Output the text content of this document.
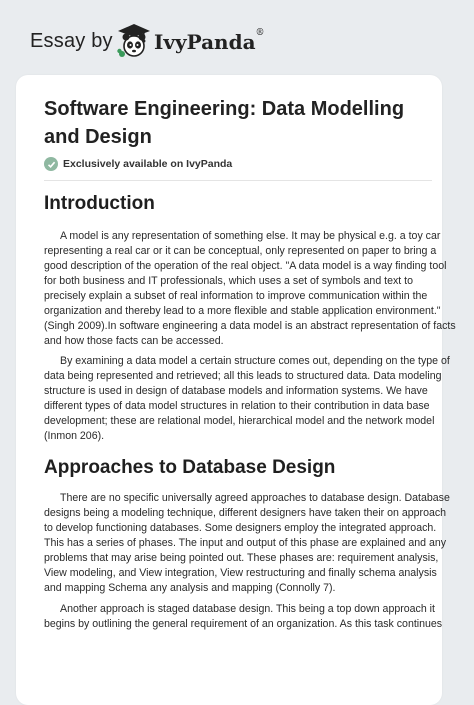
Essay by IvyPanda®
Software Engineering: Data Modelling
and Design
Exclusively available on IvyPanda
Introduction

A model is any representation of something else. It may be physical e.g. a toy car
representing a real car or it can be conceptual, only represented on paper to bring a
good description of the operation of the real object. "A data model is a way finding tool
for both business and IT professionals, which uses a set of symbols and text to
precisely explain a subset of real information to improve communication within the
organization and thereby lead to a more flexible and stable application environment."
(Singh 2009).In software engineering a data model is an abstract representation of facts
and how those facts can be accessed.

By examining a data model a certain structure comes out, depending on the type of
data being represented and retrieved; all this leads to structured data. Data modeling
structure is used in design of database models and information systems. We have
different types of data model structures in relation to their contribution in data base
development; these are relational model, hierarchical model and the network model
(Inmon 206).

Approaches to Database Design

There are no specific universally agreed approaches to database design. Database
designs being a modeling technique, different designers have taken their on approach
to develop functioning databases. Some designers employ the integrated approach.
This has a series of phases. The input and output of this phase are explained and any
problems that may arise being pointed out. These phases are: requirement analysis,
View modeling, and View integration, View restructuring and finally schema analysis
and mapping Schema any analysis and mapping (Connolly 7).

Another approach is staged database design. This being a top down approach it
begins by outlining the general requirement of an organization. As this task continues
